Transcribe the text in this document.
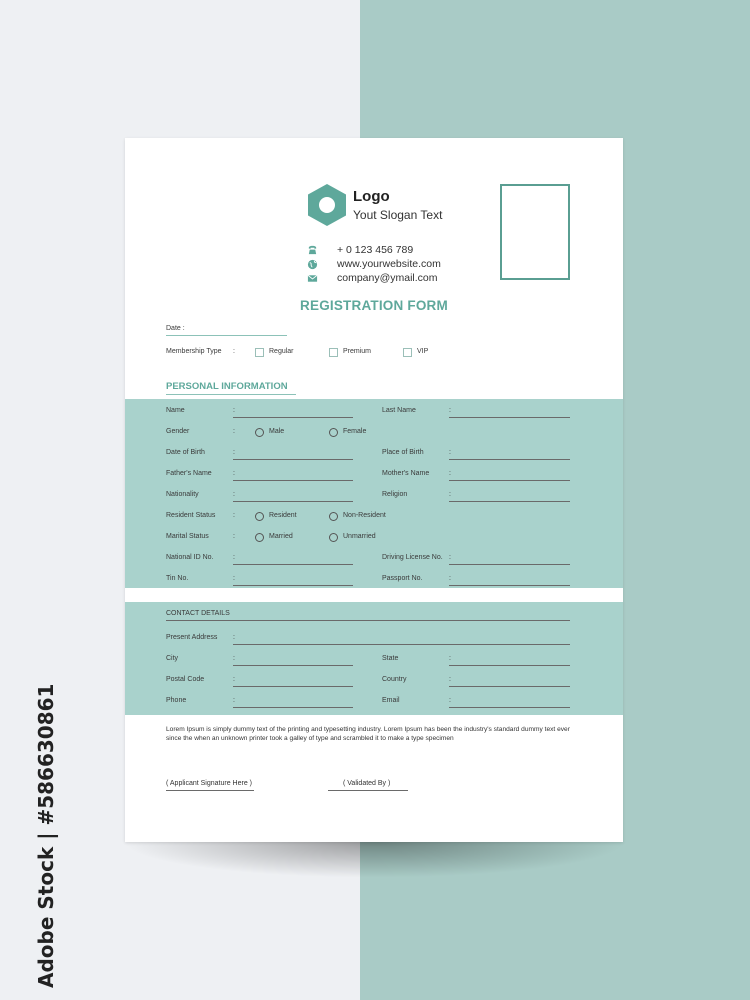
Adobe Stock | #586630861
Logo
Yout Slogan Text
+ 0 123 456 789
www.yourwebsite.com
company@ymail.com
REGISTRATION FORM
Date :
Membership Type :	Regular	Premium	VIP
PERSONAL INFORMATION
Name	:	Last Name	:
Gender	:	Male	Female
Date of Birth	:	Place of Birth	:
Father's Name	:	Mother's Name	:
Nationality	:	Religion	:
Resident Status	:	Resident	Non-Resident
Marital Status	:	Married	Unmarried
National ID No.	:	Driving License No. :
Tin No.	:	Passport No.	:
CONTACT DETAILS
Present Address :
City	:	State	:
Postal Code	:	Country	:
Phone	:	Email	:
Lorem Ipsum is simply dummy text of the printing and typesetting industry. Lorem Ipsum has been the industry's standard dummy text ever since the when an unknown printer took a galley of type and scrambled it to make a type specimen
( Applicant Signature Here )	( Validated By )
